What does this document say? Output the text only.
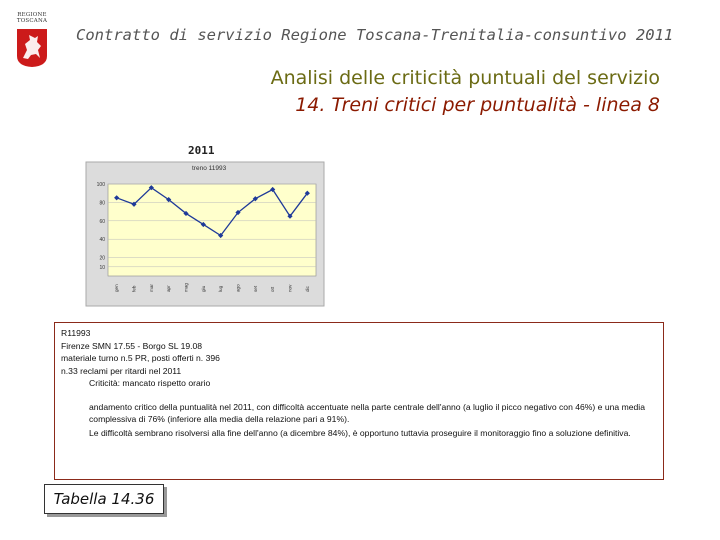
REGIONE
TOSCANA
Contratto di servizio Regione Toscana-Trenitalia-consuntivo 2011
Analisi delle criticità puntuali del servizio
14. Treni critici per puntualità - linea 8
2011
treno 11993
10
20
40
60
80
100
gen	feb	mar	apr	mag	giu	lug	ago	set	ott	nov	dic
R11993
Firenze SMN 17.55 - Borgo SL 19.08
materiale turno n.5 PR, posti offerti n. 396
n.33 reclami per ritardi nel 2011
Criticità: mancato rispetto orario
andamento critico della puntualità nel 2011, con difficoltà accentuate nella parte centrale dell'anno (a luglio il picco negativo con 46%) e una media complessiva di 76% (inferiore alla media della relazione pari a 91%).
Le difficoltà sembrano risolversi alla fine dell'anno (a dicembre 84%), è opportuno tuttavia proseguire il monitoraggio fino a soluzione definitiva.
Tabella 14.36
